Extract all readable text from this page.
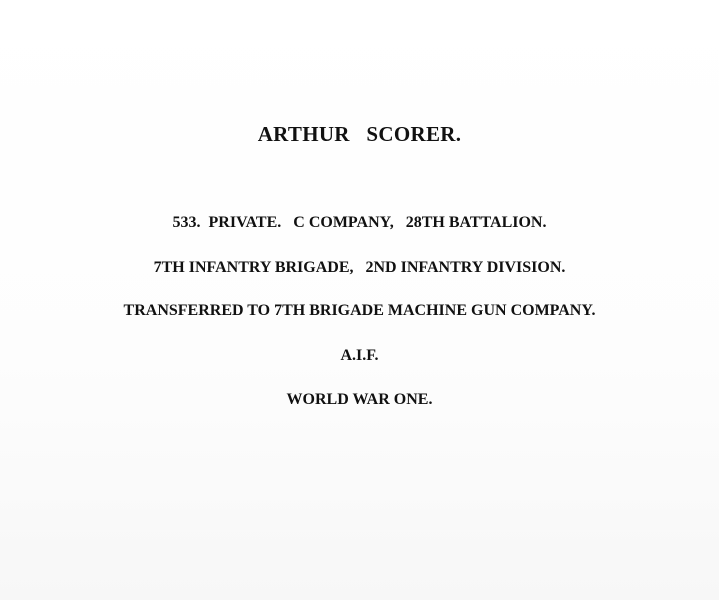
ARTHUR   SCORER.

533.  PRIVATE.   C COMPANY,   28TH BATTALION.

7TH INFANTRY BRIGADE,   2ND INFANTRY DIVISION.

TRANSFERRED TO 7TH BRIGADE MACHINE GUN COMPANY.

A.I.F.

WORLD WAR ONE.
